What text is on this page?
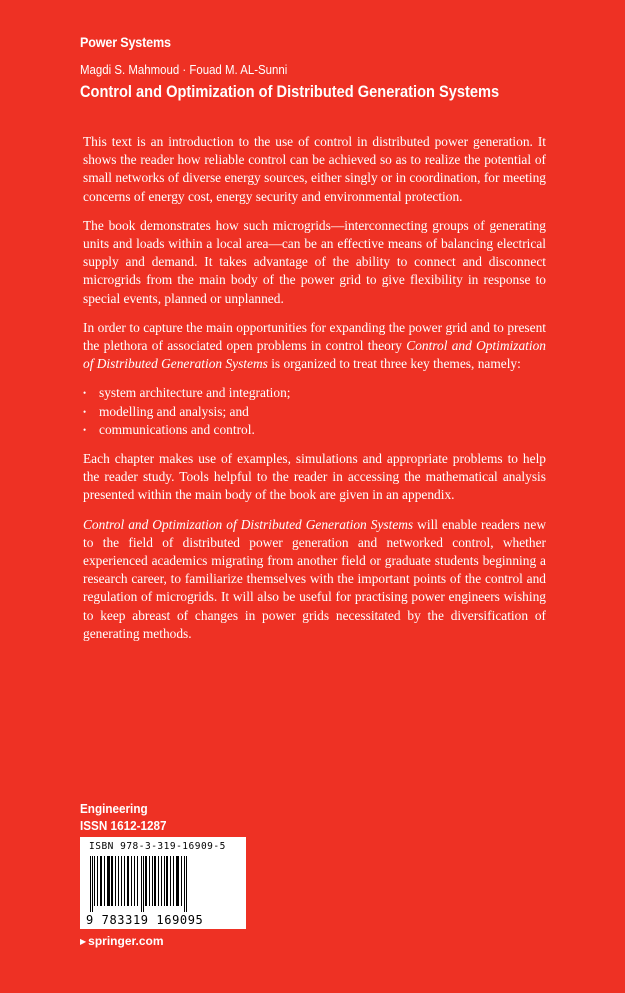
Power Systems
Magdi S. Mahmoud · Fouad M. AL-Sunni
Control and Optimization of Distributed Generation Systems

This text is an introduction to the use of control in distributed power generation. It shows the reader how reliable control can be achieved so as to realize the potential of small networks of diverse energy sources, either singly or in coordination, for meeting concerns of energy cost, energy security and environmental protection.

The book demonstrates how such microgrids—interconnecting groups of generating units and loads within a local area—can be an effective means of balancing electrical supply and demand. It takes advantage of the ability to connect and disconnect microgrids from the main body of the power grid to give flexibility in response to special events, planned or unplanned.

In order to capture the main opportunities for expanding the power grid and to present the plethora of associated open problems in control theory Control and Optimization of Distributed Generation Systems is organized to treat three key themes, namely:

•
system architecture and integration;
•
modelling and analysis; and
•
communications and control.

Each chapter makes use of examples, simulations and appropriate problems to help the reader study. Tools helpful to the reader in accessing the mathematical analysis presented within the main body of the book are given in an appendix.

Control and Optimization of Distributed Generation Systems will enable readers new to the field of distributed power generation and networked control, whether experienced academics migrating from another field or graduate students beginning a research career, to familiarize themselves with the important points of the control and regulation of microgrids. It will also be useful for practising power engineers wishing to keep abreast of changes in power grids necessitated by the diversification of generating methods.

Engineering
ISSN 1612-1287
ISBN 978-3-319-16909-5
9 783319 169095
▶springer.com
